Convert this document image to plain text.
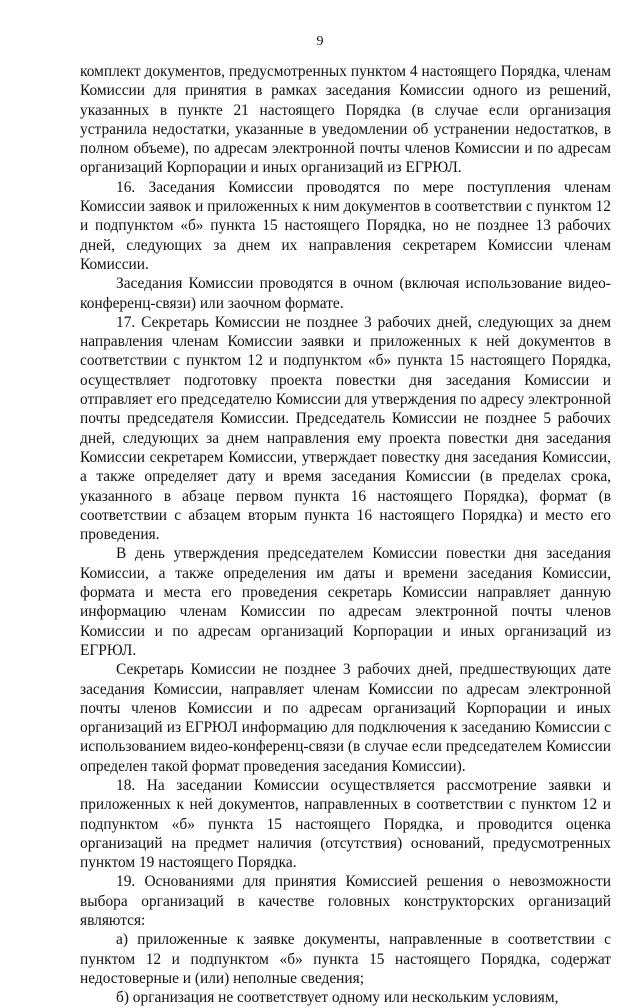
9

комплект документов, предусмотренных пунктом 4 настоящего Порядка, членам Комиссии для принятия в рамках заседания Комиссии одного из решений, указанных в пункте 21 настоящего Порядка (в случае если организация устранила недостатки, указанные в уведомлении об устранении недостатков, в полном объеме), по адресам электронной почты членов Комиссии и по адресам организаций Корпорации и иных организаций из ЕГРЮЛ.

16. Заседания Комиссии проводятся по мере поступления членам Комиссии заявок и приложенных к ним документов в соответствии с пунктом 12 и подпунктом «б» пункта 15 настоящего Порядка, но не позднее 13 рабочих дней, следующих за днем их направления секретарем Комиссии членам Комиссии.

Заседания Комиссии проводятся в очном (включая использование видео-конференц-связи) или заочном формате.

17. Секретарь Комиссии не позднее 3 рабочих дней, следующих за днем направления членам Комиссии заявки и приложенных к ней документов в соответствии с пунктом 12 и подпунктом «б» пункта 15 настоящего Порядка, осуществляет подготовку проекта повестки дня заседания Комиссии и отправляет его председателю Комиссии для утверждения по адресу электронной почты председателя Комиссии. Председатель Комиссии не позднее 5 рабочих дней, следующих за днем направления ему проекта повестки дня заседания Комиссии секретарем Комиссии, утверждает повестку дня заседания Комиссии, а также определяет дату и время заседания Комиссии (в пределах срока, указанного в абзаце первом пункта 16 настоящего Порядка), формат (в соответствии с абзацем вторым пункта 16 настоящего Порядка) и место его проведения.

В день утверждения председателем Комиссии повестки дня заседания Комиссии, а также определения им даты и времени заседания Комиссии, формата и места его проведения секретарь Комиссии направляет данную информацию членам Комиссии по адресам электронной почты членов Комиссии и по адресам организаций Корпорации и иных организаций из ЕГРЮЛ.

Секретарь Комиссии не позднее 3 рабочих дней, предшествующих дате заседания Комиссии, направляет членам Комиссии по адресам электронной почты членов Комиссии и по адресам организаций Корпорации и иных организаций из ЕГРЮЛ информацию для подключения к заседанию Комиссии с использованием видео-конференц-связи (в случае если председателем Комиссии определен такой формат проведения заседания Комиссии).

18. На заседании Комиссии осуществляется рассмотрение заявки и приложенных к ней документов, направленных в соответствии с пунктом 12 и подпунктом «б» пункта 15 настоящего Порядка, и проводится оценка организаций на предмет наличия (отсутствия) оснований, предусмотренных пунктом 19 настоящего Порядка.

19. Основаниями для принятия Комиссией решения о невозможности выбора организаций в качестве головных конструкторских организаций являются:

а) приложенные к заявке документы, направленные в соответствии с пунктом 12 и подпунктом «б» пункта 15 настоящего Порядка, содержат недостоверные и (или) неполные сведения;

б) организация не соответствует одному или нескольким условиям,
